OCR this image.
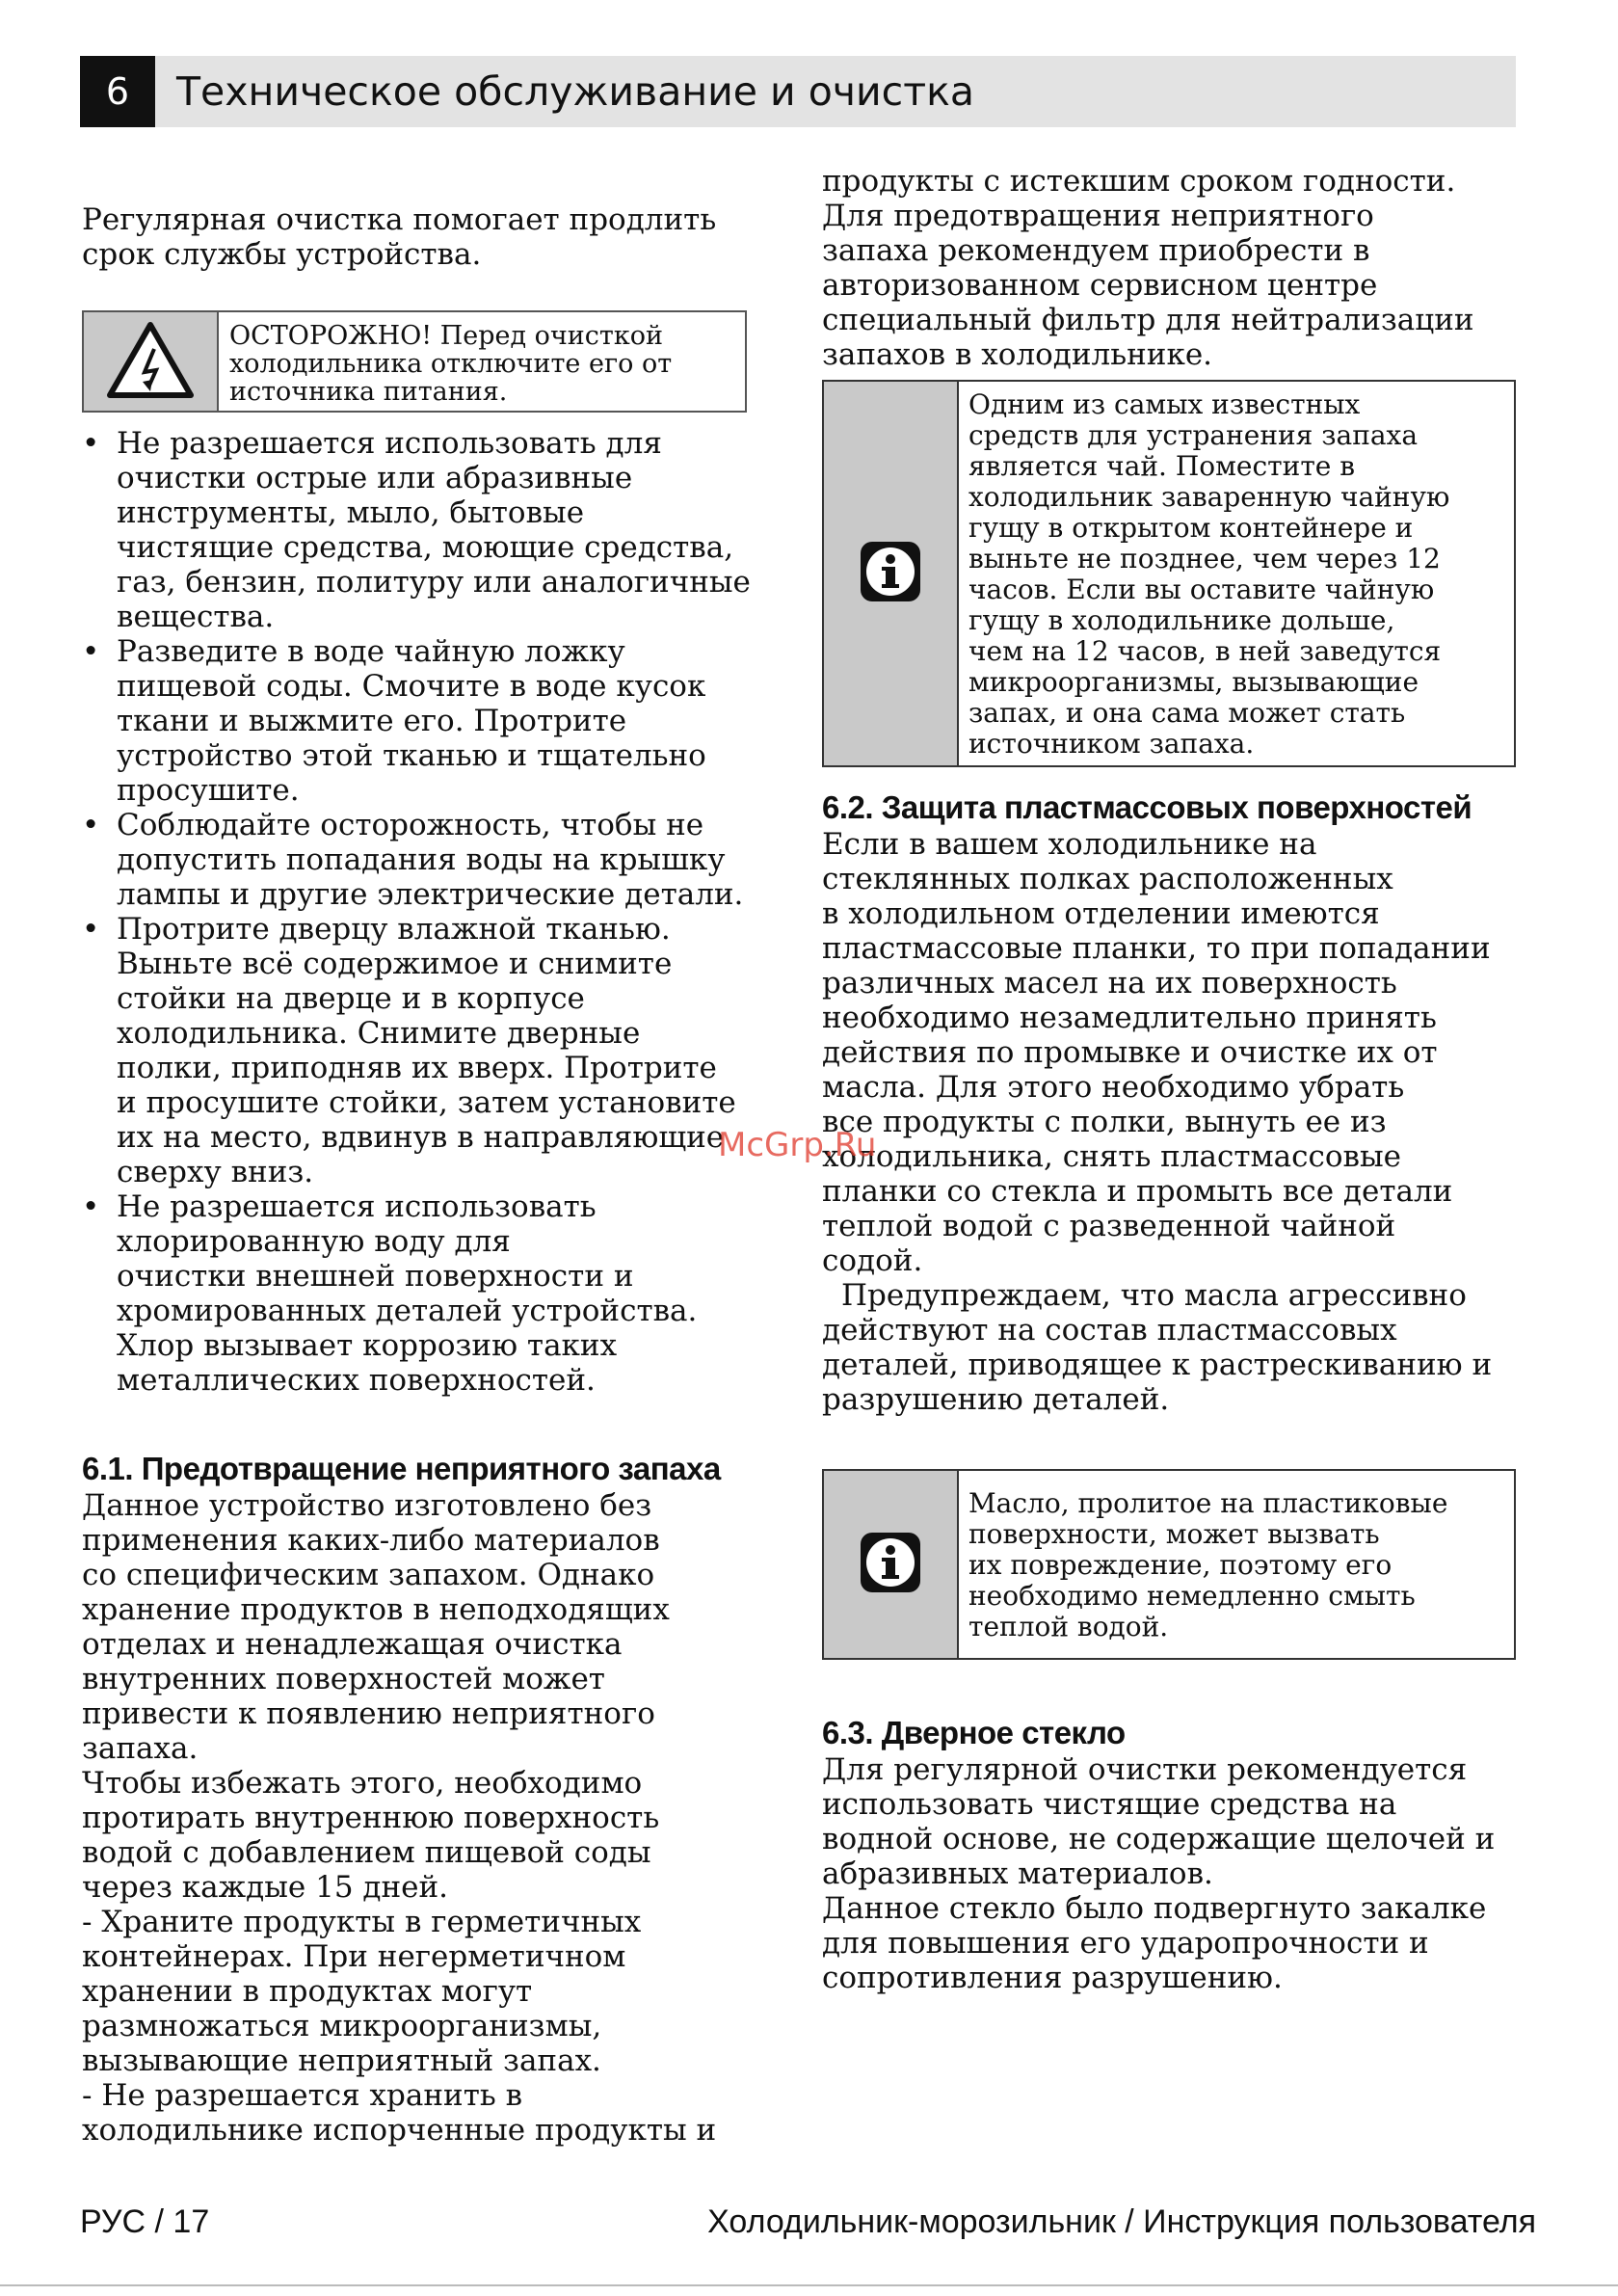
6	Техническое обслуживание и очистка

Регулярная очистка помогает продлить
срок службы устройства.

ОСТОРОЖНО! Перед очисткой
холодильника отключите его от
источника питания.
• Не разрешается использовать для
очистки острые или абразивные
инструменты, мыло, бытовые
чистящие средства, моющие средства,
газ, бензин, политуру или аналогичные
вещества.
• Разведите в воде чайную ложку
пищевой соды. Смочите в воде кусок
ткани и выжмите его. Протрите
устройство этой тканью и тщательно
просушите.
• Соблюдайте осторожность, чтобы не
допустить попадания воды на крышку
лампы и другие электрические детали.
• Протрите дверцу влажной тканью.
Выньте всё содержимое и снимите
стойки на дверце и в корпусе
холодильника. Снимите дверные
полки, приподняв их вверх. Протрите
и просушите стойки, затем установите
их на место, вдвинув в направляющие
сверху вниз.
• Не разрешается использовать
хлорированную воду для
очистки внешней поверхности и
хромированных деталей устройства.
Хлор вызывает коррозию таких
металлических поверхностей.
6.1. Предотвращение неприятного запаха

Данное устройство изготовлено без
применения каких-либо материалов
со специфическим запахом. Однако
хранение продуктов в неподходящих
отделах и ненадлежащая очистка
внутренних поверхностей может
привести к появлению неприятного
запаха.
Чтобы избежать этого, необходимо
протирать внутреннюю поверхность
водой с добавлением пищевой соды
через каждые 15 дней.
- Храните продукты в герметичных
контейнерах. При негерметичном
хранении в продуктах могут
размножаться микроорганизмы,
вызывающие неприятный запах.
- Не разрешается хранить в
холодильнике испорченные продукты и

продукты с истекшим сроком годности.
Для предотвращения неприятного
запаха рекомендуем приобрести в
авторизованном сервисном центре
специальный фильтр для нейтрализации
запахов в холодильнике.

Одним из самых известных
средств для устранения запаха
является чай. Поместите в
холодильник заваренную чайную
гущу в открытом контейнере и
выньте не позднее, чем через 12
часов. Если вы оставите чайную
гущу в холодильнике дольше,
чем на 12 часов, в ней заведутся
микроорганизмы, вызывающие
запах, и она сама может стать
источником запаха.
6.2. Защита пластмассовых поверхностей

Если в вашем холодильнике на
стеклянных полках расположенных
в холодильном отделении имеются
пластмассовые планки, то при попадании
различных масел на их поверхность
необходимо незамедлительно принять
действия по промывке и очистке их от
масла. Для этого необходимо убрать
все продукты с полки, вынуть ее из
холодильника, снять пластмассовые
планки со стекла и промыть все детали
теплой водой с разведенной чайной
содой.

Предупреждаем, что масла агрессивно
действуют на состав пластмассовых
деталей, приводящее к растрескиванию и
разрушению деталей.

Масло, пролитое на пластиковые
поверхности, может вызвать
их повреждение, поэтому его
необходимо немедленно смыть
теплой водой.
6.3. Дверное стекло

Для регулярной очистки рекомендуется
использовать чистящие средства на
водной основе, не содержащие щелочей и
абразивных материалов.
Данное стекло было подвергнуто закалке
для повышения его ударопрочности и
сопротивления разрушению.

McGrp.Ru
РУС / 17	Холодильник-морозильник / Инструкция пользователя
